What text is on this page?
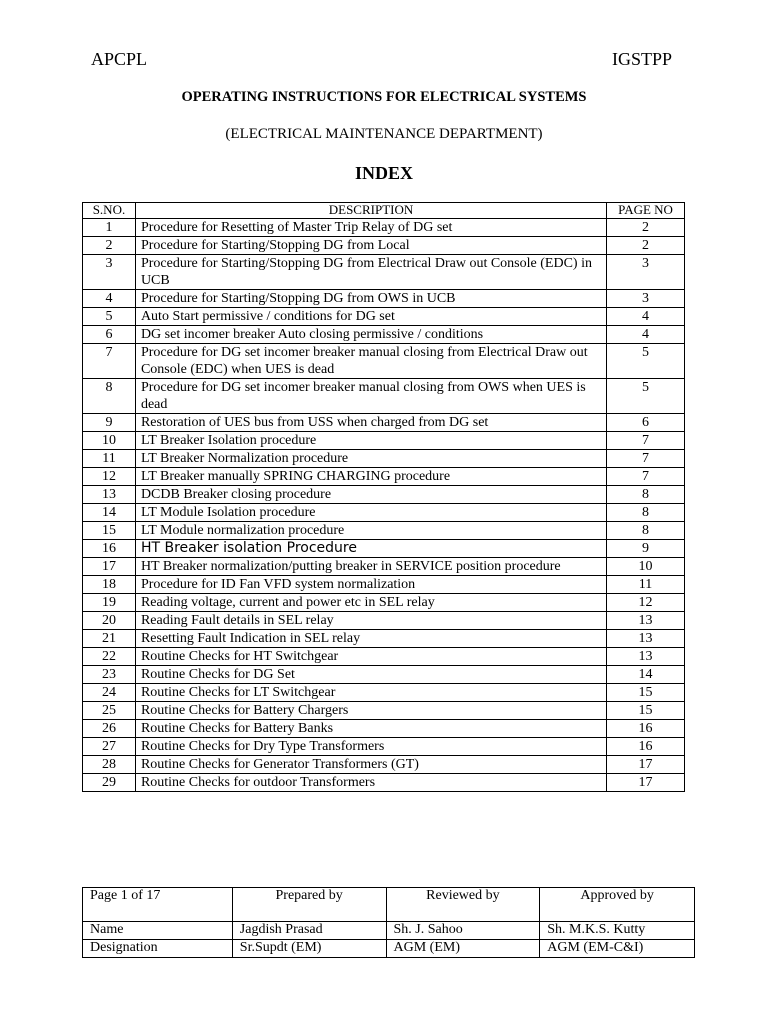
APCPL	IGSTPP
OPERATING INSTRUCTIONS FOR ELECTRICAL SYSTEMS
(ELECTRICAL MAINTENANCE DEPARTMENT)
INDEX
S.NO.	DESCRIPTION	PAGE NO
1	Procedure for Resetting of Master Trip Relay of DG set	2
2	Procedure for Starting/Stopping DG from Local	2
3	Procedure for Starting/Stopping DG from Electrical Draw out Console (EDC) in UCB	3
4	Procedure for Starting/Stopping DG from OWS in UCB	3
5	Auto Start permissive / conditions for DG set	4
6	DG set incomer breaker Auto closing permissive / conditions	4
7	Procedure for DG set incomer breaker manual closing from Electrical Draw out Console (EDC) when UES is dead	5
8	Procedure for DG set incomer breaker manual closing from OWS when UES is dead	5
9	Restoration of UES bus from USS when charged from DG set	6
10	LT Breaker Isolation procedure	7
11	LT Breaker Normalization procedure	7
12	LT Breaker manually SPRING CHARGING procedure	7
13	DCDB Breaker closing procedure	8
14	LT Module Isolation procedure	8
15	LT Module normalization procedure	8
16	HT Breaker isolation Procedure	9
17	HT Breaker normalization/putting breaker in SERVICE position procedure	10
18	Procedure for ID Fan VFD system normalization	11
19	Reading voltage, current and power etc in SEL relay	12
20	Reading Fault details in SEL relay	13
21	Resetting Fault Indication in SEL relay	13
22	Routine Checks for HT Switchgear	13
23	Routine Checks for DG Set	14
24	Routine Checks for LT Switchgear	15
25	Routine Checks for Battery Chargers	15
26	Routine Checks for Battery Banks	16
27	Routine Checks for Dry Type Transformers	16
28	Routine Checks for Generator Transformers (GT)	17
29	Routine Checks for outdoor Transformers	17
Page 1 of 17	Prepared by	Reviewed by	Approved by
Name	Jagdish Prasad	Sh. J. Sahoo	Sh. M.K.S. Kutty
Designation	Sr.Supdt (EM)	AGM (EM)	AGM (EM-C&I)
